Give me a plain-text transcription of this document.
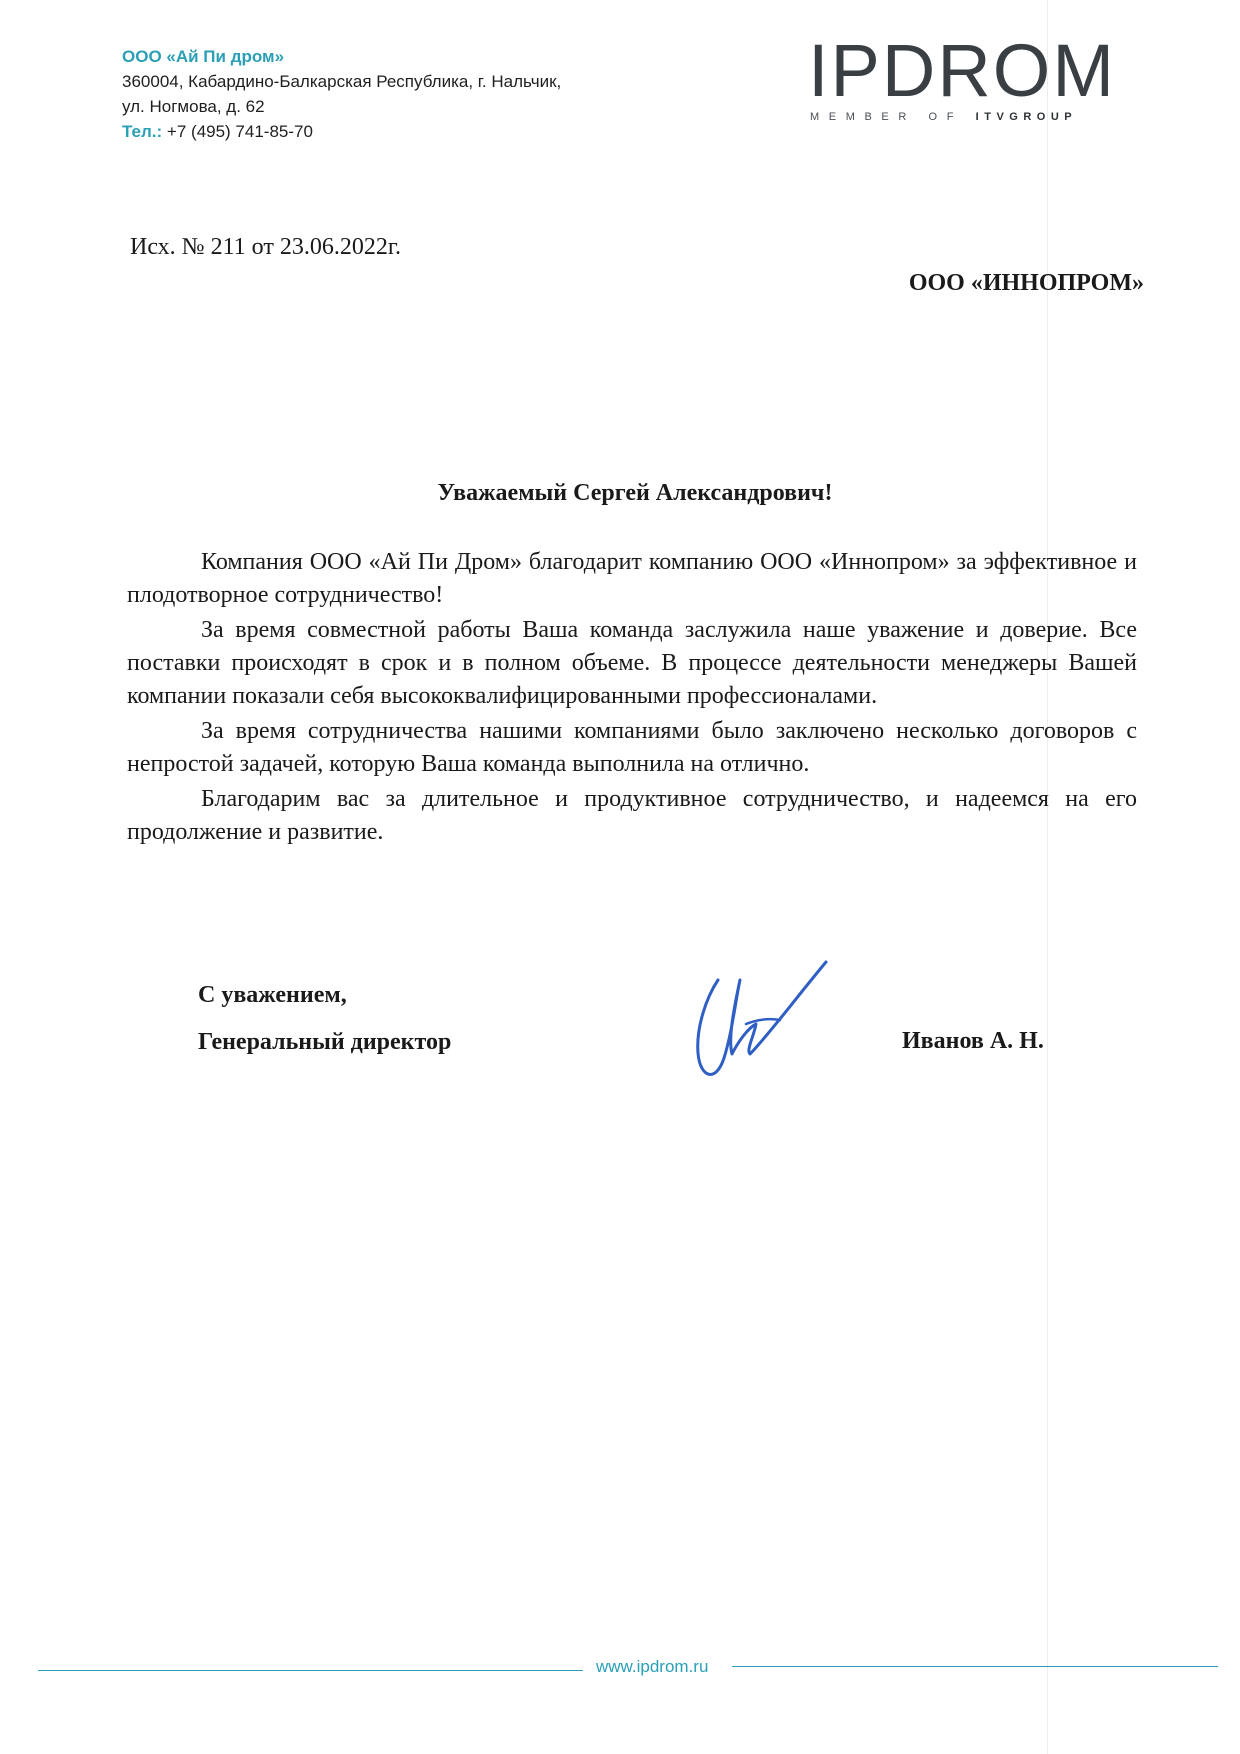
ООО «Ай Пи дром»
360004, Кабардино-Балкарская Республика, г. Нальчик,
ул. Ногмова, д. 62
Тел.: +7 (495) 741-85-70
IPDROM
MEMBER OF ITVGROUP
Исх. № 211 от 23.06.2022г.
ООО «ИННОПРОМ»
Уважаемый Сергей Александрович!

Компания ООО «Ай Пи Дром» благодарит компанию ООО «Иннопром» за эффективное и плодотворное сотрудничество!

За время совместной работы Ваша команда заслужила наше уважение и доверие. Все поставки происходят в срок и в полном объеме. В процессе деятельности менеджеры Вашей компании показали себя высококвалифицированными профессионалами.

За время сотрудничества нашими компаниями было заключено несколько договоров с непростой задачей, которую Ваша команда выполнила на отлично.

Благодарим вас за длительное и продуктивное сотрудничество, и надеемся на его продолжение и развитие.

С уважением,
Генеральный директор	Иванов А. Н.
www.ipdrom.ru
